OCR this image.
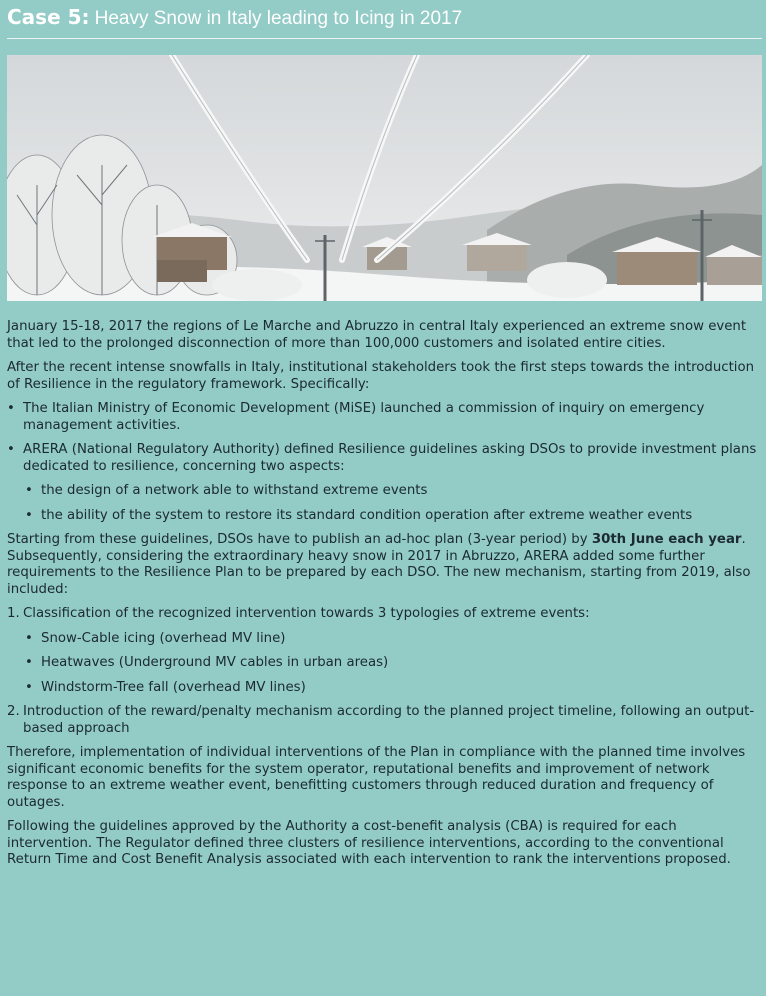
Case 5: Heavy Snow in Italy leading to Icing in 2017

January 15-18, 2017 the regions of Le Marche and Abruzzo in central Italy experienced an extreme snow event that led to the prolonged disconnection of more than 100,000 customers and isolated entire cities.

After the recent intense snowfalls in Italy, institutional stakeholders took the first steps towards the introduction of Resilience in the regulatory framework. Specifically:

• The Italian Ministry of Economic Development (MiSE) launched a commission of inquiry on emergency management activities.
• ARERA (National Regulatory Authority) defined Resilience guidelines asking DSOs to provide investment plans dedicated to resilience, concerning two aspects:
• the design of a network able to withstand extreme events
• the ability of the system to restore its standard condition operation after extreme weather events

Starting from these guidelines, DSOs have to publish an ad-hoc plan (3-year period) by 30th June each year. Subsequently, considering the extraordinary heavy snow in 2017 in Abruzzo, ARERA added some further requirements to the Resilience Plan to be prepared by each DSO. The new mechanism, starting from 2019, also included:

1. Classification of the recognized intervention towards 3 typologies of extreme events:
• Snow-Cable icing (overhead MV line)
• Heatwaves (Underground MV cables in urban areas)
• Windstorm-Tree fall (overhead MV lines)
2. Introduction of the reward/penalty mechanism according to the planned project timeline, following an output-based approach

Therefore, implementation of individual interventions of the Plan in compliance with the planned time involves significant economic benefits for the system operator, reputational benefits and improvement of network response to an extreme weather event, benefitting customers through reduced duration and frequency of outages.

Following the guidelines approved by the Authority a cost-benefit analysis (CBA) is required for each intervention. The Regulator defined three clusters of resilience interventions, according to the conventional Return Time and Cost Benefit Analysis associated with each intervention to rank the interventions proposed.
